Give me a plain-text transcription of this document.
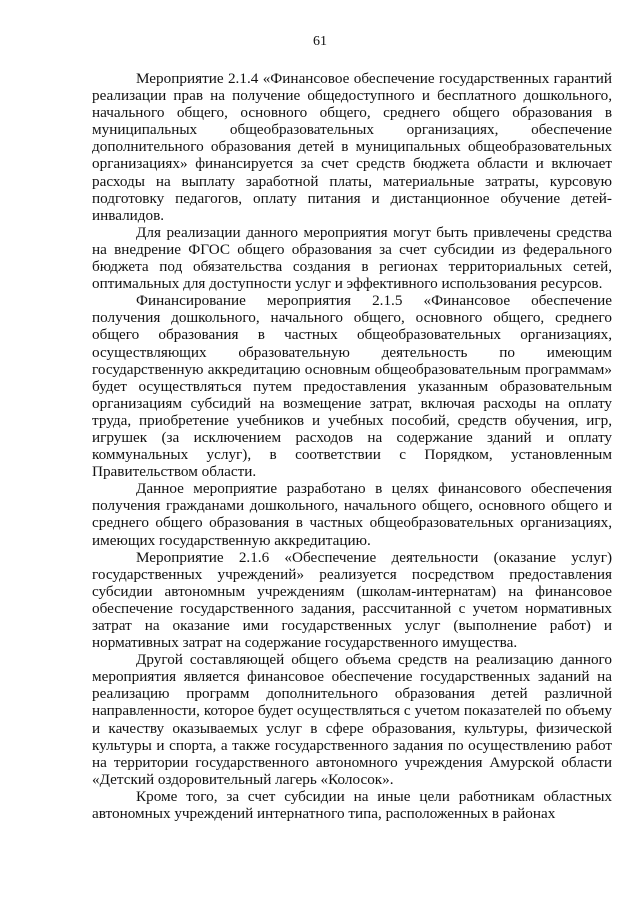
61

Мероприятие 2.1.4 «Финансовое обеспечение государственных гарантий реализации прав на получение общедоступного и бесплатного дошкольного, начального общего, основного общего, среднего общего образования в муниципальных общеобразовательных организациях, обеспечение дополнительного образования детей в муниципальных общеобразовательных организациях» финансируется за счет средств бюджета области и включает расходы на выплату заработной платы, материальные затраты, курсовую подготовку педагогов, оплату питания и дистанционное обучение детей-инвалидов.

Для реализации данного мероприятия могут быть привлечены средства на внедрение ФГОС общего образования за счет субсидии из федерального бюджета под обязательства создания в регионах территориальных сетей, оптимальных для доступности услуг и эффективного использования ресурсов.

Финансирование мероприятия 2.1.5 «Финансовое обеспечение получения дошкольного, начального общего, основного общего, среднего общего образования в частных общеобразовательных организациях, осуществляющих образовательную деятельность по имеющим государственную аккредитацию основным общеобразовательным программам» будет осуществляться путем предоставления указанным образовательным организациям субсидий на возмещение затрат, включая расходы на оплату труда, приобретение учебников и учебных пособий, средств обучения, игр, игрушек (за исключением расходов на содержание зданий и оплату коммунальных услуг), в соответствии с Порядком, установленным Правительством области.

Данное мероприятие разработано в целях финансового обеспечения получения гражданами дошкольного, начального общего, основного общего и среднего общего образования в частных общеобразовательных организациях, имеющих государственную аккредитацию.

Мероприятие 2.1.6 «Обеспечение деятельности (оказание услуг) государственных учреждений» реализуется посредством предоставления субсидии автономным учреждениям (школам-интернатам) на финансовое обеспечение государственного задания, рассчитанной с учетом нормативных затрат на оказание ими государственных услуг (выполнение работ) и нормативных затрат на содержание государственного имущества.

Другой составляющей общего объема средств на реализацию данного мероприятия является финансовое обеспечение государственных заданий на реализацию программ дополнительного образования детей различной направленности, которое будет осуществляться с учетом показателей по объему и качеству оказываемых услуг в сфере образования, культуры, физической культуры и спорта, а также государственного задания по осуществлению работ на территории государственного автономного учреждения Амурской области «Детский оздоровительный лагерь «Колосок».

Кроме того, за счет субсидии на иные цели работникам областных автономных учреждений интернатного типа, расположенных в районах
